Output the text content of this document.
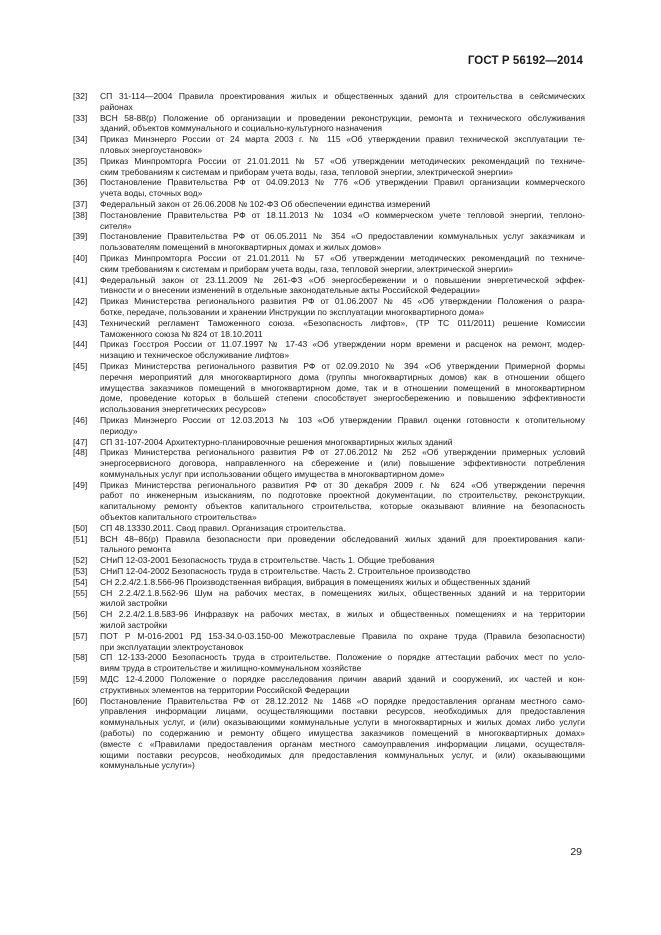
ГОСТ Р 56192—2014
[32]	СП 31-114—2004 Правила проектирования жилых и общественных зданий для строительства в сейсмических
районах
[33]	ВСН 58-88(р) Положение об организации и проведении реконструкции, ремонта и технического обслуживания
зданий, объектов коммунального и социально-культурного назначения
[34]	Приказ Минэнерго России от 24 марта 2003 г. № 115 «Об утверждении правил технической эксплуатации те-
пловых энергоустановок»
[35]	Приказ Минпромторга России от 21.01.2011 № 57 «Об утверждении методических рекомендаций по техниче-
ским требованиям к системам и приборам учета воды, газа, тепловой энергии, электрической энергии»
[36]	Постановление Правительства РФ от 04.09.2013 № 776 «Об утверждении Правил организации коммерческого
учета воды, сточных вод»
[37]	Федеральный закон от 26.06.2008 № 102-ФЗ Об обеспечении единства измерений
[38]	Постановление Правительства РФ от 18.11.2013 № 1034 «О коммерческом учете тепловой энергии, теплоно-
сителя»
[39]	Постановление Правительства РФ от 06.05.2011 № 354 «О предоставлении коммунальных услуг заказчикам и
пользователям помещений в многоквартирных домах и жилых домов»
[40]	Приказ Минпромторга России от 21.01.2011 № 57 «Об утверждении методических рекомендаций по техниче-
ским требованиям к системам и приборам учета воды, газа, тепловой энергии, электрической энергии»
[41]	Федеральный закон от 23.11.2009 № 261-ФЗ «Об энергосбережении и о повышении энергетической эффек-
тивности и о внесении изменений в отдельные законодательные акты Российской Федерации»
[42]	Приказ Министерства регионального развития РФ от 01.06.2007 № 45 «Об утверждении Положения о разра-
ботке, передаче, пользовании и хранении Инструкции по эксплуатации многоквартирного дома»
[43]	Технический регламент Таможенного союза. «Безопасность лифтов», (ТР ТС 011/2011) решение Комиссии
Таможенного союза № 824 от 18.10.2011
[44]	Приказ Госстроя России от 11.07.1997 № 17-43 «Об утверждении норм времени и расценок на ремонт, модер-
низацию и техническое обслуживание лифтов»
[45]	Приказ Министерства регионального развития РФ от 02.09.2010 № 394 «Об утверждении Примерной формы
перечня мероприятий для многоквартирного дома (группы многоквартирных домов) как в отношении общего
имущества заказчиков помещений в многоквартирном доме, так и в отношении помещений в многоквартирном
доме, проведение которых в большей степени способствует энергосбережению и повышению эффективности
использования энергетических ресурсов»
[46]	Приказ Минэнерго России от 12.03.2013 № 103 «Об утверждении Правил оценки готовности к отопительному
периоду»
[47]	СП 31-107-2004 Архитектурно-планировочные решения многоквартирных жилых зданий
[48]	Приказ Министерства регионального развития РФ от 27.06.2012 № 252 «Об утверждении примерных условий
энергосервисного договора, направленного на сбережение и (или) повышение эффективности потребления
коммунальных услуг при использовании общего имущества в многоквартирном доме»
[49]	Приказ Министерства регионального развития РФ от 30 декабря 2009 г. № 624 «Об утверждении перечня
работ по инженерным изысканиям, по подготовке проектной документации, по строительству, реконструкции,
капитальному ремонту объектов капитального строительства, которые оказывают влияние на безопасность
объектов капитального строительства»
[50]	СП 48.13330.2011. Свод правил. Организация строительства.
[51]	ВСН 48–86(р) Правила безопасности при проведении обследований жилых зданий для проектирования капи-
тального ремонта
[52]	СНиП 12-03-2001 Безопасность труда в строительстве. Часть 1. Общие требования
[53]	СНиП 12-04-2002 Безопасность труда в строительстве. Часть 2. Строительное производство
[54]	СН 2.2.4/2.1.8.566-96 Производственная вибрация, вибрация в помещениях жилых и общественных зданий
[55]	СН 2.2.4/2.1.8.562-96 Шум на рабочих местах, в помещениях жилых, общественных зданий и на территории
жилой застройки
[56]	СН 2.2.4/2.1.8.583-96 Инфразвук на рабочих местах, в жилых и общественных помещениях и на территории
жилой застройки
[57]	ПОТ Р М-016-2001 РД 153-34.0-03.150-00 Межотраслевые Правила по охране труда (Правила безопасности)
при эксплуатации электроустановок
[58]	СП 12-133-2000 Безопасность труда в строительстве. Положение о порядке аттестации рабочих мест по усло-
виям труда в строительстве и жилищно-коммунальном хозяйстве
[59]	МДС 12-4.2000 Положение о порядке расследования причин аварий зданий и сооружений, их частей и кон-
структивных элементов на территории Российской Федерации
[60]	Постановление Правительства РФ от 28.12.2012 № 1468 «О порядке предоставления органам местного само-
управления информации лицами, осуществляющими поставки ресурсов, необходимых для предоставления
коммунальных услуг, и (или) оказывающими коммунальные услуги в многоквартирных и жилых домах либо услуги
(работы) по содержанию и ремонту общего имущества заказчиков помещений в многоквартирных домах»
(вместе с «Правилами предоставления органам местного самоуправления информации лицами, осуществля-
ющими поставки ресурсов, необходимых для предоставления коммунальных услуг, и (или) оказывающими
коммунальные услуги»)
29
